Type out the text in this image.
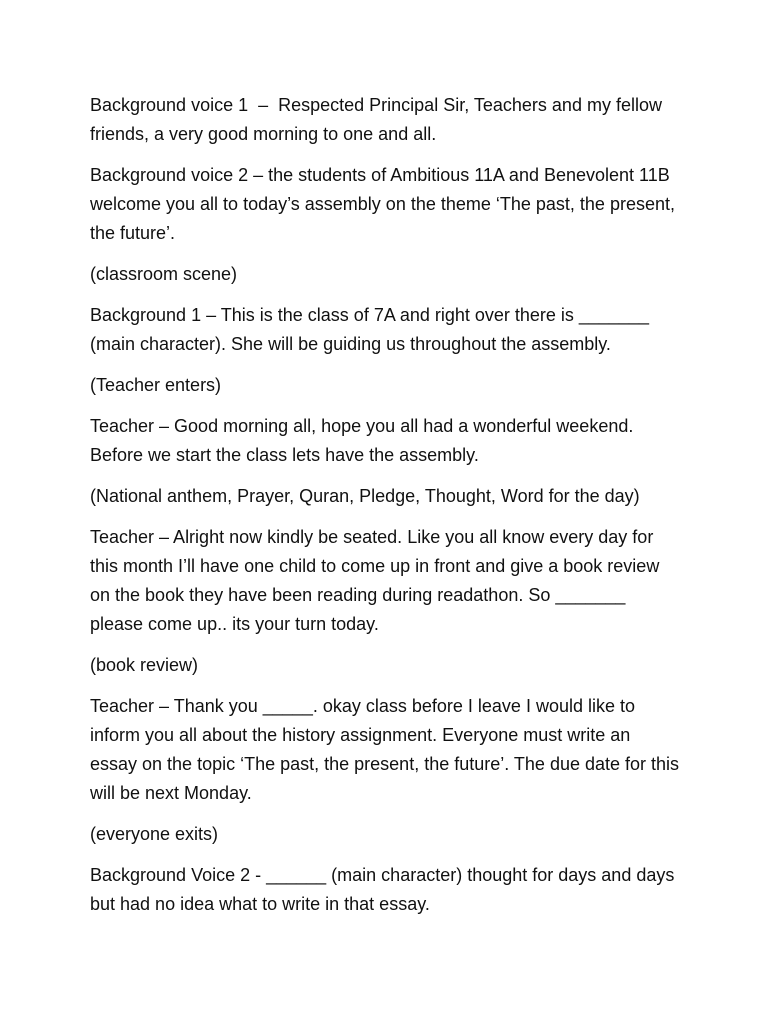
Background voice 1  –  Respected Principal Sir, Teachers and my fellow friends, a very good morning to one and all.

Background voice 2 – the students of Ambitious 11A and Benevolent 11B welcome you all to today’s assembly on the theme ‘The past, the present, the future’.

(classroom scene)

Background 1 – This is the class of 7A and right over there is _______ (main character). She will be guiding us throughout the assembly.

(Teacher enters)

Teacher – Good morning all, hope you all had a wonderful weekend. Before we start the class lets have the assembly.

(National anthem, Prayer, Quran, Pledge, Thought, Word for the day)

Teacher – Alright now kindly be seated. Like you all know every day for this month I’ll have one child to come up in front and give a book review on the book they have been reading during readathon. So _______ please come up.. its your turn today.

(book review)

Teacher – Thank you _____. okay class before I leave I would like to inform you all about the history assignment. Everyone must write an essay on the topic ‘The past, the present, the future’. The due date for this will be next Monday.

(everyone exits)

Background Voice 2 - ______ (main character) thought for days and days but had no idea what to write in that essay.
